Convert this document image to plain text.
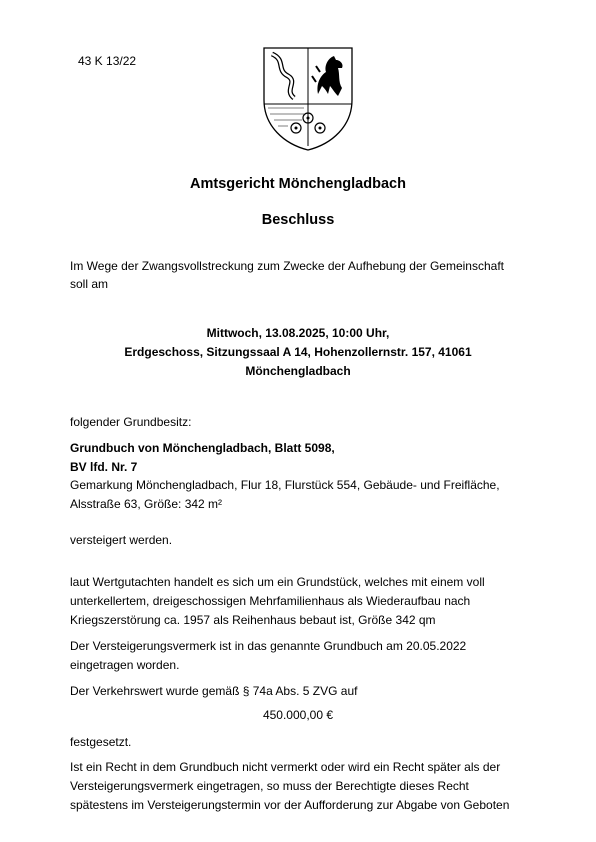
43 K 13/22
Amtsgericht Mönchengladbach
Beschluss
Im Wege der Zwangsvollstreckung zum Zwecke der Aufhebung der Gemeinschaft
soll am
Mittwoch, 13.08.2025, 10:00 Uhr,
Erdgeschoss, Sitzungssaal A 14, Hohenzollernstr. 157, 41061
Mönchengladbach
folgender Grundbesitz:
Grundbuch von Mönchengladbach, Blatt 5098,
BV lfd. Nr. 7
Gemarkung Mönchengladbach, Flur 18, Flurstück 554, Gebäude- und Freifläche,
Alsstraße 63, Größe: 342 m²
versteigert werden.
laut Wertgutachten handelt es sich um ein Grundstück, welches mit einem voll
unterkellertem, dreigeschossigen Mehrfamilienhaus als Wiederaufbau nach
Kriegszerstörung ca. 1957 als Reihenhaus bebaut ist, Größe 342 qm
Der Versteigerungsvermerk ist in das genannte Grundbuch am 20.05.2022
eingetragen worden.
Der Verkehrswert wurde gemäß § 74a Abs. 5 ZVG auf
450.000,00 €
festgesetzt.
Ist ein Recht in dem Grundbuch nicht vermerkt oder wird ein Recht später als der
Versteigerungsvermerk eingetragen, so muss der Berechtigte dieses Recht
spätestens im Versteigerungstermin vor der Aufforderung zur Abgabe von Geboten
